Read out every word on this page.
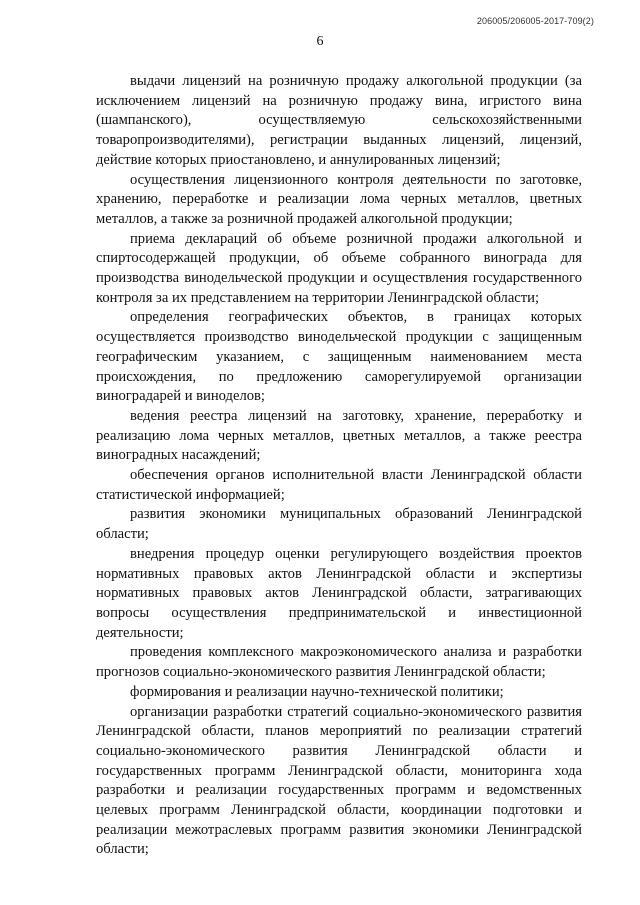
206005/206005-2017-709(2)
6

выдачи лицензий на розничную продажу алкогольной продукции (за исключением лицензий на розничную продажу вина, игристого вина (шампанского), осуществляемую сельскохозяйственными товаропроизводителями), регистрации выданных лицензий, лицензий, действие которых приостановлено, и аннулированных лицензий;

осуществления лицензионного контроля деятельности по заготовке, хранению, переработке и реализации лома черных металлов, цветных металлов, а также за розничной продажей алкогольной продукции;

приема деклараций об объеме розничной продажи алкогольной и спиртосодержащей продукции, об объеме собранного винограда для производства винодельческой продукции и осуществления государственного контроля за их представлением на территории Ленинградской области;

определения географических объектов, в границах которых осуществляется производство винодельческой продукции с защищенным географическим указанием, с защищенным наименованием места происхождения, по предложению саморегулируемой организации виноградарей и виноделов;

ведения реестра лицензий на заготовку, хранение, переработку и реализацию лома черных металлов, цветных металлов, а также реестра виноградных насаждений;

обеспечения органов исполнительной власти Ленинградской области статистической информацией;

развития экономики муниципальных образований Ленинградской области;

внедрения процедур оценки регулирующего воздействия проектов нормативных правовых актов Ленинградской области и экспертизы нормативных правовых актов Ленинградской области, затрагивающих вопросы осуществления предпринимательской и инвестиционной деятельности;

проведения комплексного макроэкономического анализа и разработки прогнозов социально-экономического развития Ленинградской области;

формирования и реализации научно-технической политики;

организации разработки стратегий социально-экономического развития Ленинградской области, планов мероприятий по реализации стратегий социально-экономического развития Ленинградской области и государственных программ Ленинградской области, мониторинга хода разработки и реализации государственных программ и ведомственных целевых программ Ленинградской области, координации подготовки и реализации межотраслевых программ развития экономики Ленинградской области;
